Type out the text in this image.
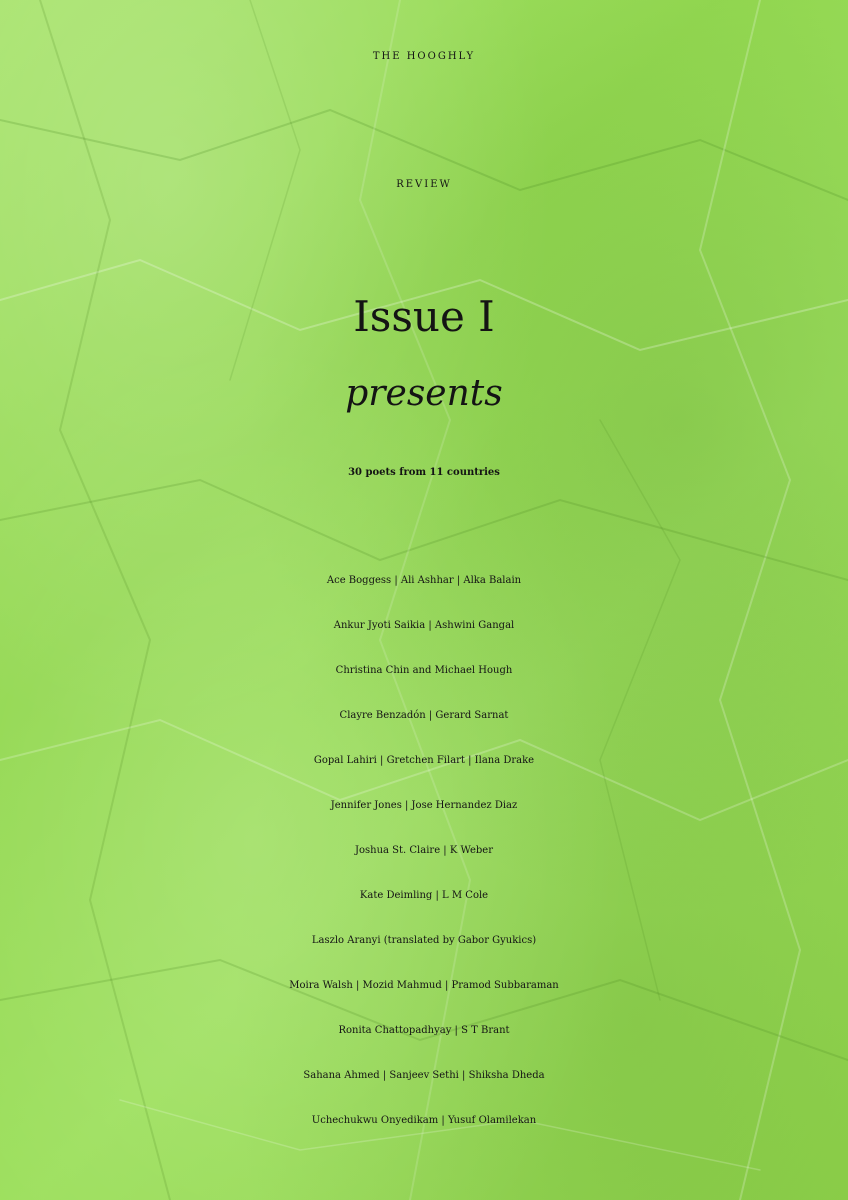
THE HOOGHLY
REVIEW
Issue I
presents
30 poets from 11 countries
Ace Boggess | Ali Ashhar | Alka Balain
Ankur Jyoti Saikia | Ashwini Gangal
Christina Chin and Michael Hough
Clayre Benzadón | Gerard Sarnat
Gopal Lahiri | Gretchen Filart | Ilana Drake
Jennifer Jones | Jose Hernandez Diaz
Joshua St. Claire | K Weber
Kate Deimling | L M Cole
Laszlo Aranyi (translated by Gabor Gyukics)
Moira Walsh | Mozid Mahmud | Pramod Subbaraman
Ronita Chattopadhyay | S T Brant
Sahana Ahmed | Sanjeev Sethi | Shiksha Dheda
Uchechukwu Onyedikam | Yusuf Olamilekan
